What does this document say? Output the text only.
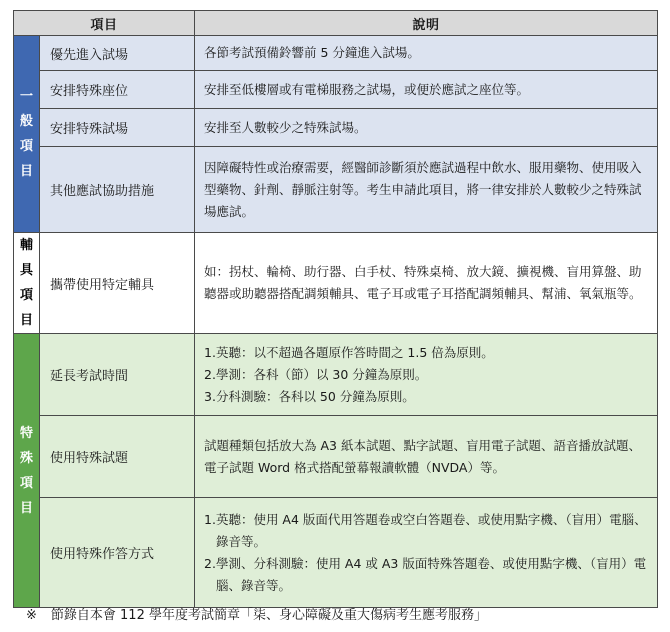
項目		說明

一
般
項
目	優先進入試場	各節考試預備鈴響前 5 分鐘進入試場。

	安排特殊座位	安排至低樓層或有電梯服務之試場，或便於應試之座位等。

	安排特殊試場	安排至人數較少之特殊試場。

	其他應試協助措施	因障礙特性或治療需要，經醫師診斷須於應試過程中飲水、服用藥物、使用吸入型藥物、針劑、靜脈注射等。考生申請此項目，將一律安排於人數較少之特殊試場應試。

輔
具
項
目	攜帶使用特定輔具	如：拐杖、輪椅、助行器、白手杖、特殊桌椅、放大鏡、擴視機、盲用算盤、助聽器或助聽器搭配調頻輔具、電子耳或電子耳搭配調頻輔具、幫浦、氧氣瓶等。

特
殊
項
目	延長考試時間	1.英聽：以不超過各題原作答時間之 1.5 倍為原則。
2.學測：各科（節）以 30 分鐘為原則。
3.分科測驗：各科以 50 分鐘為原則。

	使用特殊試題	試題種類包括放大為 A3 紙本試題、點字試題、盲用電子試題、語音播放試題、電子試題 Word 格式搭配螢幕報讀軟體（NVDA）等。

	使用特殊作答方式	1.英聽：使用 A4 版面代用答題卷或空白答題卷、或使用點字機、（盲用）電腦、錄音等。
2.學測、分科測驗：使用 A4 或 A3 版面特殊答題卷、或使用點字機、（盲用）電腦、錄音等。
※ 節錄自本會 112 學年度考試簡章「柒、身心障礙及重大傷病考生應考服務」
